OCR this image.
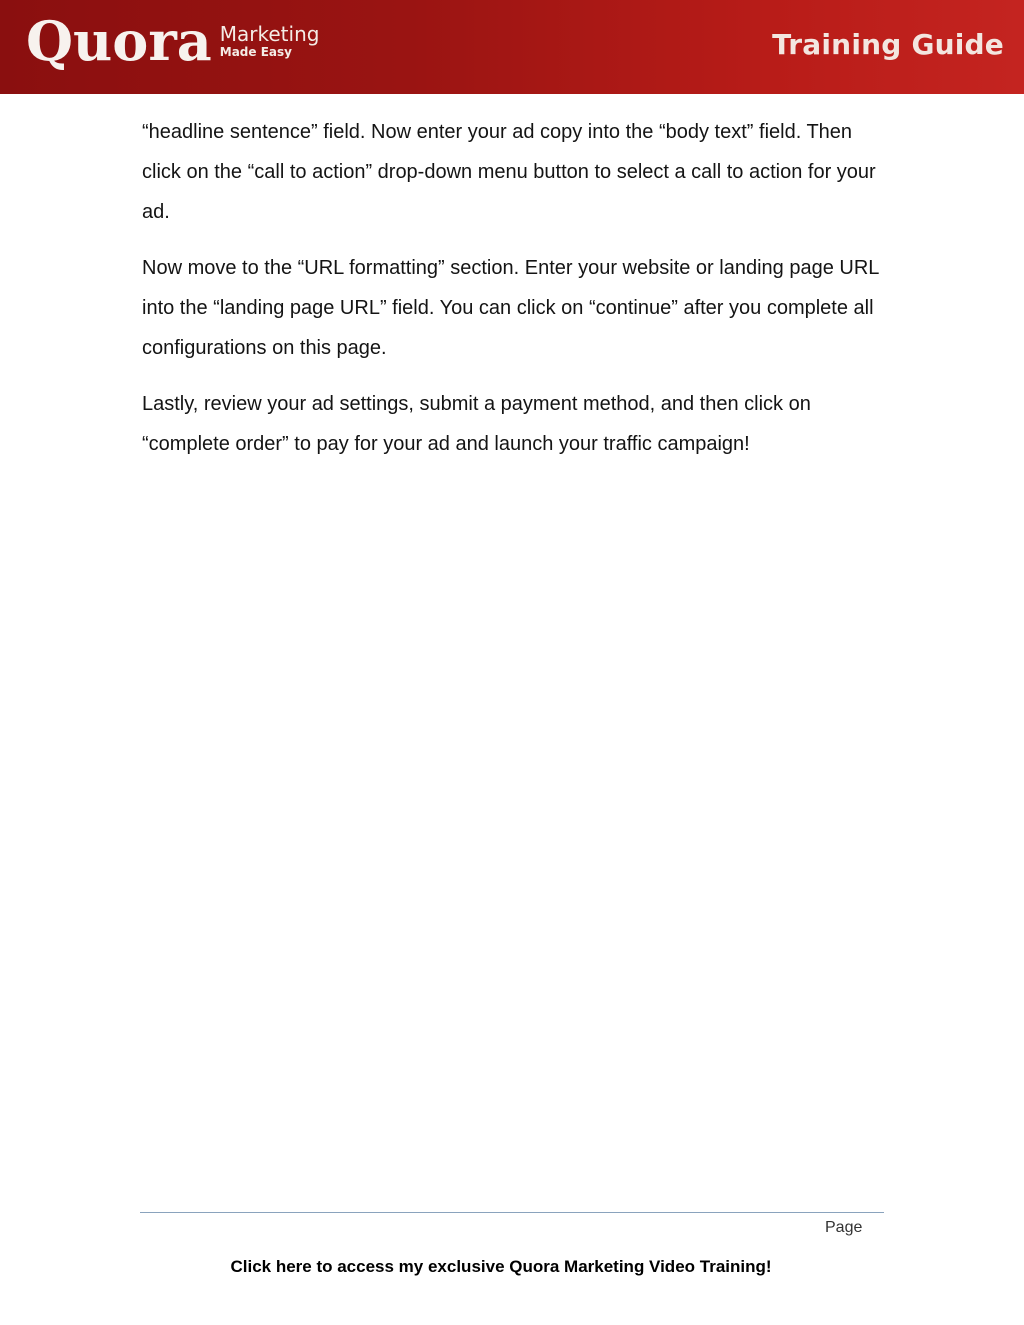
Quora Marketing
Made Easy	Training Guide

“headline sentence” field. Now enter your ad copy into the “body text” field. Then click on the “call to action” drop-down menu button to select a call to action for your ad.

Now move to the “URL formatting” section. Enter your website or landing page URL into the “landing page URL” field. You can click on “continue” after you complete all configurations on this page.

Lastly, review your ad settings, submit a payment method, and then click on “complete order” to pay for your ad and launch your traffic campaign!

Page
Click here to access my exclusive Quora Marketing Video Training!
